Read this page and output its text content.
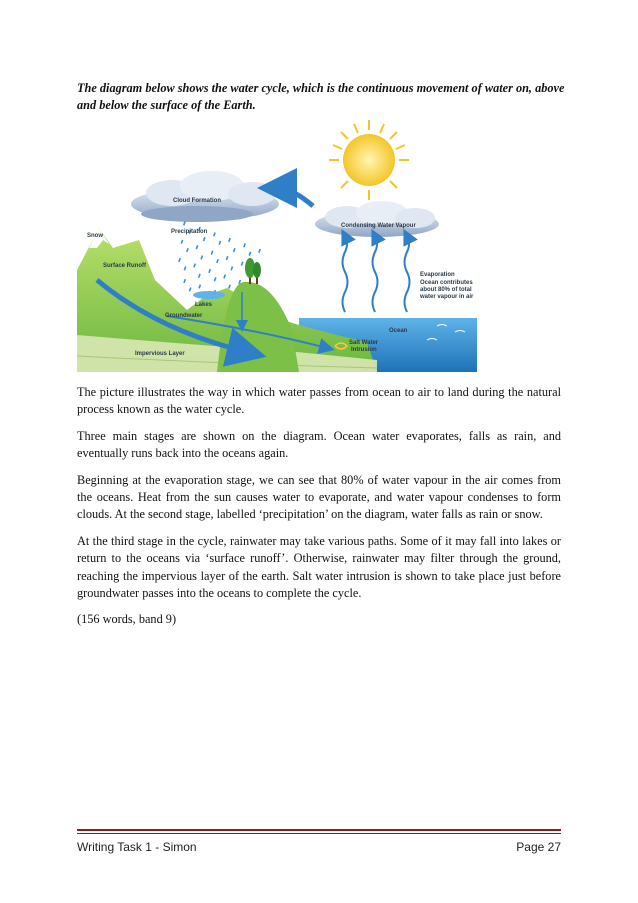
The diagram below shows the water cycle, which is the continuous movement of water on, above and below the surface of the Earth.

Condensing Water Vapour
Cloud Formation
Precipitation
Ocean
Lakes
Snow
Surface Runoff
Groundwater
Impervious Layer
Salt Water
Intrusion
Evaporation
Ocean contributes
about 80% of total
water vapour in air

The picture illustrates the way in which water passes from ocean to air to land during the natural process known as the water cycle.

Three main stages are shown on the diagram. Ocean water evaporates, falls as rain, and eventually runs back into the oceans again.

Beginning at the evaporation stage, we can see that 80% of water vapour in the air comes from the oceans. Heat from the sun causes water to evaporate, and water vapour condenses to form clouds. At the second stage, labelled ‘precipitation’ on the diagram, water falls as rain or snow.

At the third stage in the cycle, rainwater may take various paths. Some of it may fall into lakes or return to the oceans via ‘surface runoff’. Otherwise, rainwater may filter through the ground, reaching the impervious layer of the earth. Salt water intrusion is shown to take place just before groundwater passes into the oceans to complete the cycle.

(156 words, band 9)

Writing Task 1 - Simon	Page 27
